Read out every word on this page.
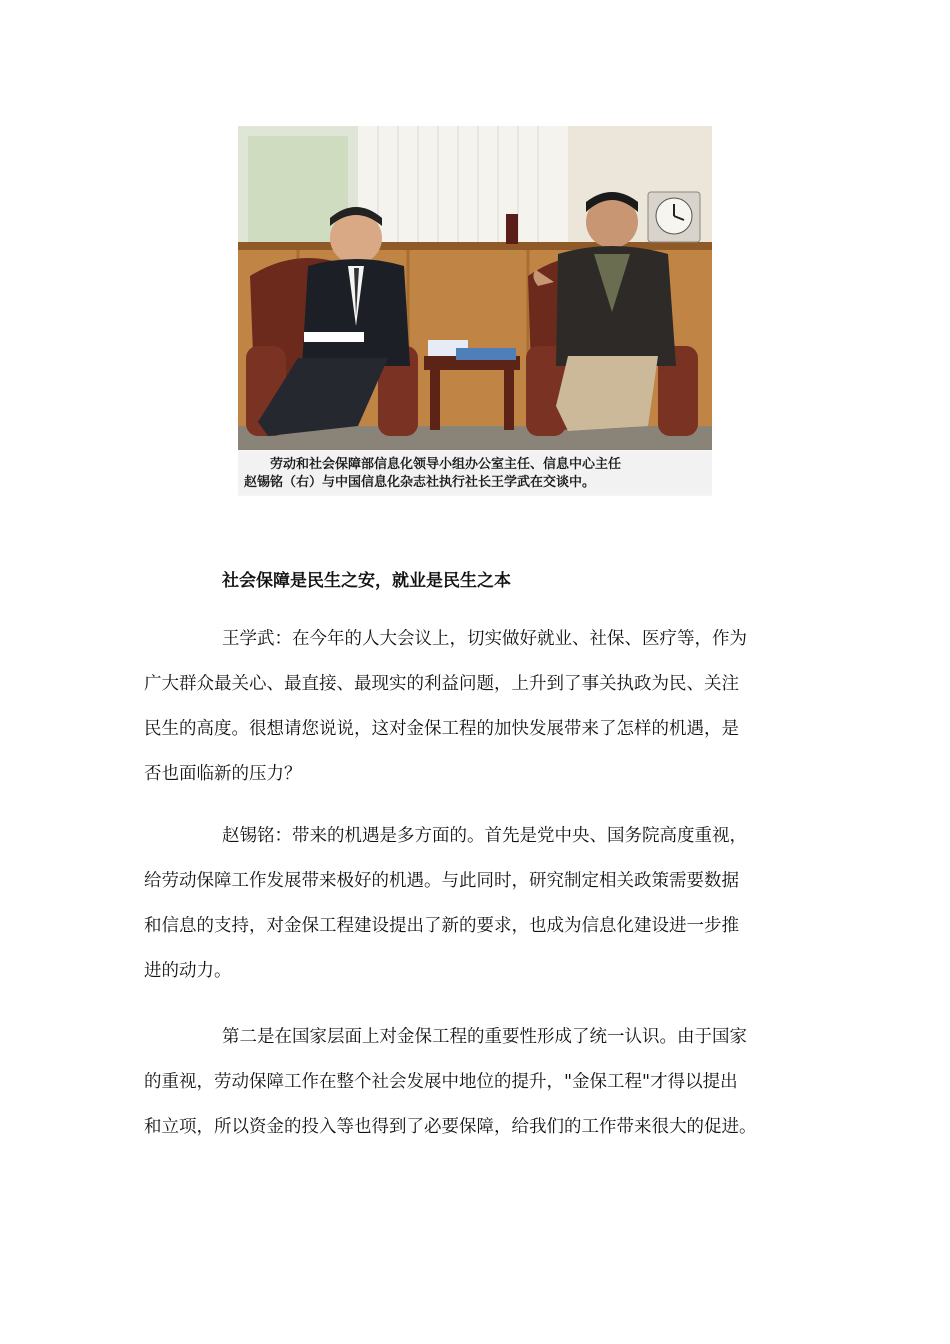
劳动和社会保障部信息化领导小组办公室主任、信息中心主任
赵锡铭（右）与中国信息化杂志社执行社长王学武在交谈中。
社会保障是民生之安，就业是民生之本

王学武：在今年的人大会议上，切实做好就业、社保、医疗等，作为
广大群众最关心、最直接、最现实的利益问题，上升到了事关执政为民、关注
民生的高度。很想请您说说，这对金保工程的加快发展带来了怎样的机遇，是
否也面临新的压力？

赵锡铭：带来的机遇是多方面的。首先是党中央、国务院高度重视，
给劳动保障工作发展带来极好的机遇。与此同时，研究制定相关政策需要数据
和信息的支持，对金保工程建设提出了新的要求，也成为信息化建设进一步推
进的动力。

第二是在国家层面上对金保工程的重要性形成了统一认识。由于国家
的重视，劳动保障工作在整个社会发展中地位的提升，"金保工程"才得以提出
和立项，所以资金的投入等也得到了必要保障，给我们的工作带来很大的促进。
